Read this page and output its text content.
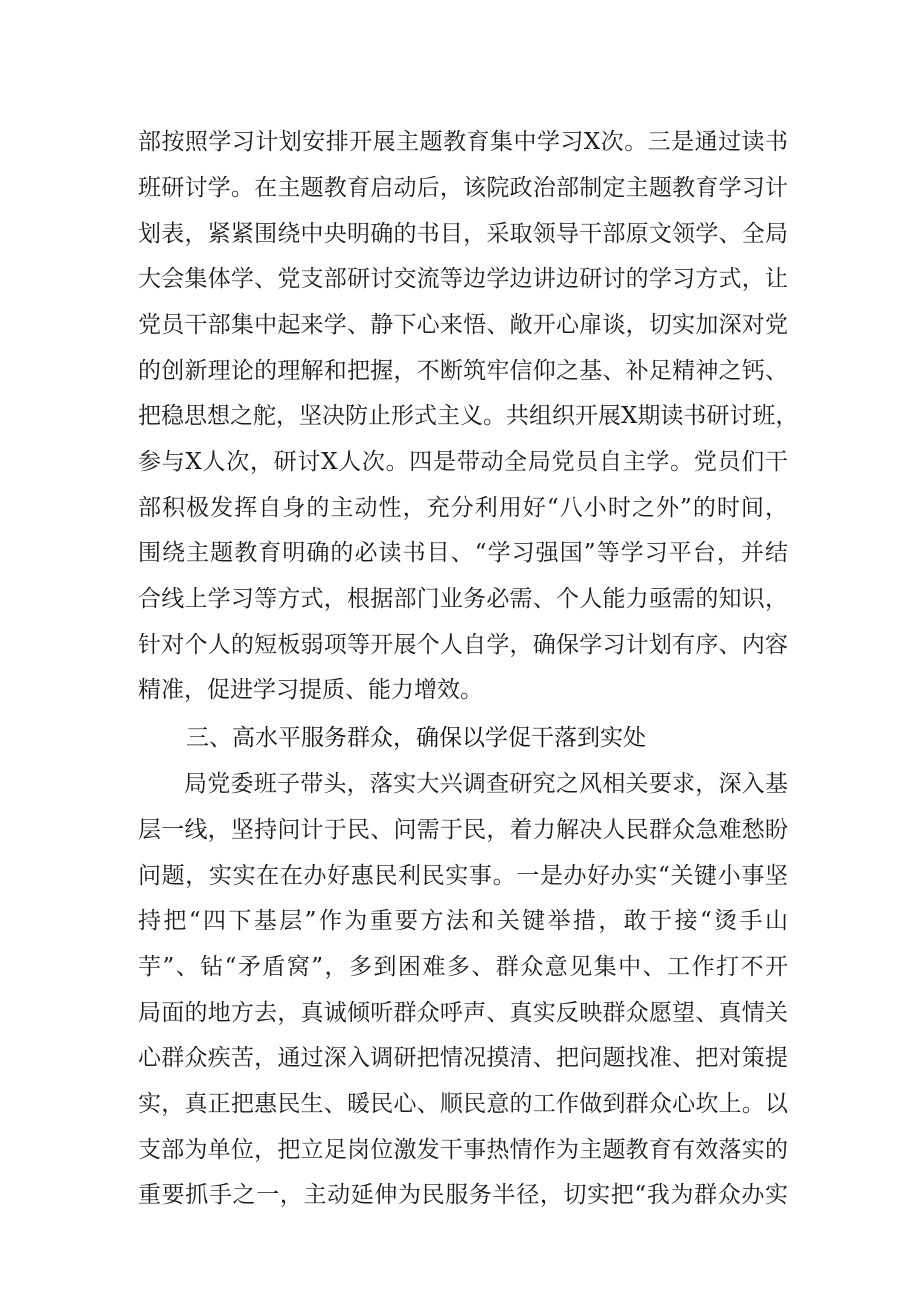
部按照学习计划安排开展主题教育集中学习X次。三是通过读书
班研讨学。在主题教育启动后，该院政治部制定主题教育学习计
划表，紧紧围绕中央明确的书目，采取领导干部原文领学、全局
大会集体学、党支部研讨交流等边学边讲边研讨的学习方式，让
党员干部集中起来学、静下心来悟、敞开心扉谈，切实加深对党
的创新理论的理解和把握，不断筑牢信仰之基、补足精神之钙、
把稳思想之舵，坚决防止形式主义。共组织开展X期读书研讨班，
参与X人次，研讨X人次。四是带动全局党员自主学。党员们干
部积极发挥自身的主动性，充分利用好“八小时之外”的时间，
围绕主题教育明确的必读书目、“学习强国”等学习平台，并结
合线上学习等方式，根据部门业务必需、个人能力亟需的知识，
针对个人的短板弱项等开展个人自学，确保学习计划有序、内容
精准，促进学习提质、能力增效。
三、高水平服务群众，确保以学促干落到实处
局党委班子带头，落实大兴调查研究之风相关要求，深入基
层一线，坚持问计于民、问需于民，着力解决人民群众急难愁盼
问题，实实在在办好惠民利民实事。一是办好办实“关键小事坚
持把“四下基层”作为重要方法和关键举措，敢于接“烫手山
芋”、钻“矛盾窝”，多到困难多、群众意见集中、工作打不开
局面的地方去，真诚倾听群众呼声、真实反映群众愿望、真情关
心群众疾苦，通过深入调研把情况摸清、把问题找准、把对策提
实，真正把惠民生、暖民心、顺民意的工作做到群众心坎上。以
支部为单位，把立足岗位激发干事热情作为主题教育有效落实的
重要抓手之一，主动延伸为民服务半径，切实把“我为群众办实
